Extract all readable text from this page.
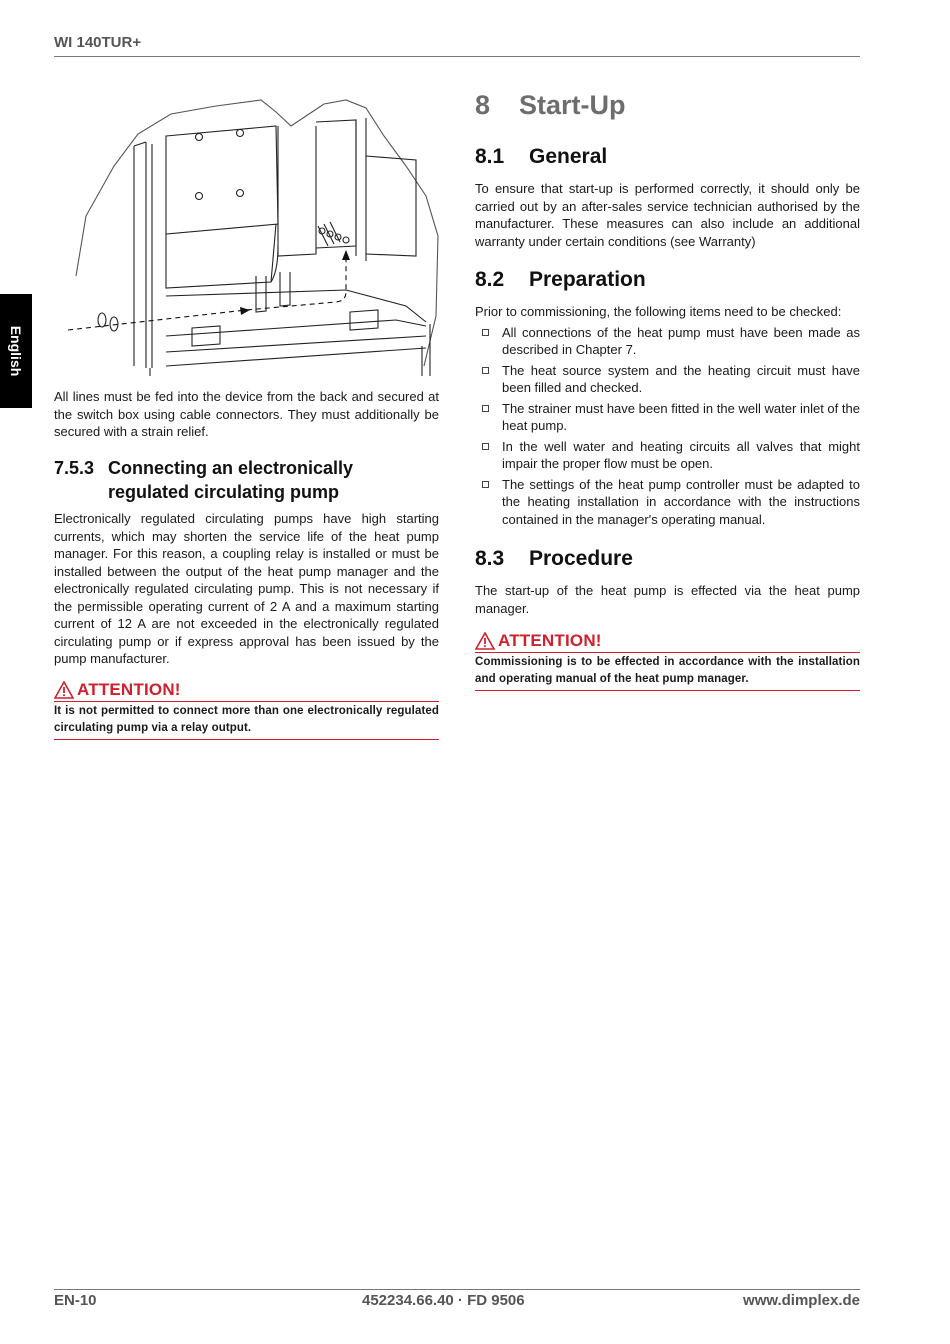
WI 140TUR+
English

All lines must be fed into the device from the back and secured at the switch box using cable connectors. They must additionally be secured with a strain relief.

7.5.3 Connecting an electronically
regulated circulating pump

Electronically regulated circulating pumps have high starting currents, which may shorten the service life of the heat pump manager. For this reason, a coupling relay is installed or must be installed between the output of the heat pump manager and the electronically regulated circulating pump. This is not necessary if the permissible operating current of 2 A and a maximum starting current of 12 A are not exceeded in the electronically regulated circulating pump or if express approval has been issued by the pump manufacturer.

ATTENTION!
It is not permitted to connect more than one electronically regulated circulating pump via a relay output.
8	Start-Up
8.1	General

To ensure that start-up is performed correctly, it should only be carried out by an after-sales service technician authorised by the manufacturer. These measures can also include an additional warranty under certain conditions (see Warranty)

8.2	Preparation

Prior to commissioning, the following items need to be checked:

All connections of the heat pump must have been made as described in Chapter 7.
The heat source system and the heating circuit must have been filled and checked.
The strainer must have been fitted in the well water inlet of the heat pump.
In the well water and heating circuits all valves that might impair the proper flow must be open.
The settings of the heat pump controller must be adapted to the heating installation in accordance with the instructions contained in the manager's operating manual.
8.3	Procedure

The start-up of the heat pump is effected via the heat pump manager.

ATTENTION!
Commissioning is to be effected in accordance with the installation and operating manual of the heat pump manager.
EN-10	452234.66.40 · FD 9506	www.dimplex.de
